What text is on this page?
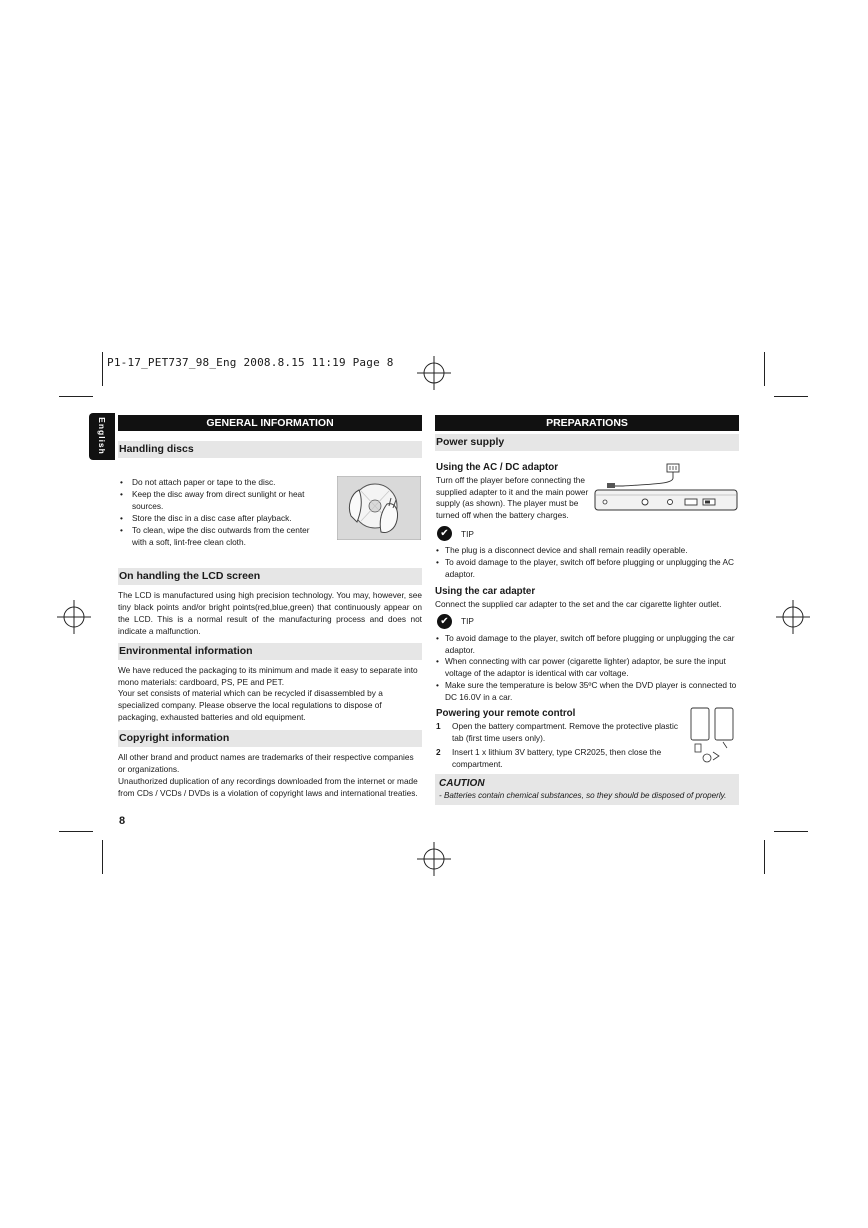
P1-17_PET737_98_Eng 2008.8.15 11:19 Page 8
English	GENERAL INFORMATION
Handling discs
• Do not attach paper or tape to the disc.
• Keep the disc away from direct sunlight or heat sources.
• Store the disc in a disc case after playback.
• To clean, wipe the disc outwards from the center with a soft, lint-free clean cloth.
On handling the LCD screen
The LCD is manufactured using high precision technology. You may, however, see tiny black points and/or bright points(red,blue,green) that continuously appear on the LCD. This is a normal result of the manufacturing process and does not indicate a malfunction.
Environmental information
We have reduced the packaging to its minimum and made it easy to separate into mono materials: cardboard, PS, PE and PET.
Your set consists of material which can be recycled if disassembled by a specialized company. Please observe the local regulations to dispose of packaging, exhausted batteries and old equipment.
Copyright information
All other brand and product names are trademarks of their respective companies or organizations.
Unauthorized duplication of any recordings downloaded from the internet or made from CDs / VCDs / DVDs is a violation of copyright laws and international treaties.
8
PREPARATIONS
Power supply
Using the AC / DC adaptor
Turn off the player before connecting the supplied adapter to it and the main power supply (as shown). The player must be turned off when the battery charges.
✔	TIP
• The plug is a disconnect device and shall remain readily operable.
• To avoid damage to the player, switch off before plugging or unplugging the AC adaptor.
Using the car adapter
Connect the supplied car adapter to the set and the car cigarette lighter outlet.
✔	TIP
• To avoid damage to the player, switch off before plugging or unplugging the car adaptor.
• When connecting with car power (cigarette lighter) adaptor, be sure the input voltage of the adaptor is identical with car voltage.
• Make sure the temperature is below 35ºC when the DVD player is connected to DC 16.0V in a car.
Powering your remote control
1 Open the battery compartment. Remove the protective plastic tab (first time users only).
2 Insert 1 x lithium 3V battery, type CR2025, then close the compartment.
CAUTION
- Batteries contain chemical substances, so they should be disposed of properly.
